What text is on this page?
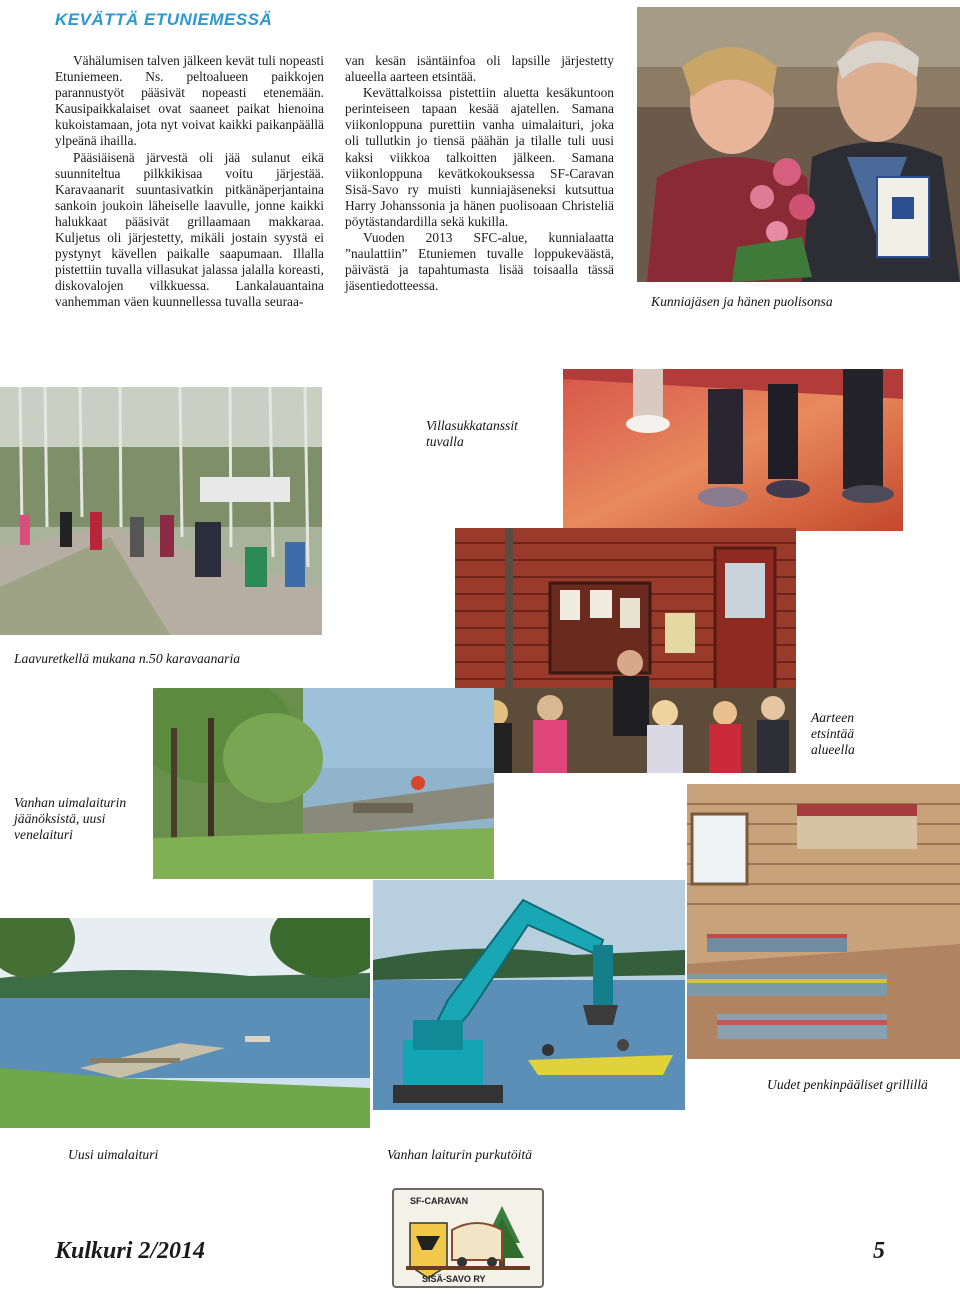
KEVÄTTÄ ETUNIEMESSÄ

Vähälumisen talven jälkeen kevät tuli nopeasti Etuniemeen. Ns. peltoalueen paikkojen parannustyöt pääsivät nopeasti etenemään. Kausipaikkalaiset ovat saaneet paikat hienoina kukoistamaan, jota nyt voivat kaikki paikanpäällä ylpeänä ihailla.

Pääsiäisenä järvestä oli jää sulanut eikä suunniteltua pilkkikisaa voitu järjestää. Karavaanarit suuntasivatkin pitkänäperjantaina sankoin joukoin läheiselle laavulle, jonne kaikki halukkaat pääsivät grillaamaan makkaraa. Kuljetus oli järjestetty, mikäli jostain syystä ei pystynyt kävellen paikalle saapumaan. Illalla pistettiin tuvalla villasukat jalassa jalalla koreasti, diskovalojen vilkkuessa. Lankalauantaina vanhemman väen kuunnellessa tuvalla seuraa-

van kesän isäntäinfoa oli lapsille järjestetty alueella aarteen etsintää.

Kevättalkoissa pistettiin aluetta kesäkuntoon perinteiseen tapaan kesää ajatellen. Samana viikonloppuna purettiin vanha uimalaituri, joka oli tullutkin jo tiensä päähän ja tilalle tuli uusi kaksi viikkoa talkoitten jälkeen. Samana viikonloppuna kevätkokouksessa SF-Caravan Sisä-Savo ry muisti kunniajäseneksi kutsuttua Harry Johanssonia ja hänen puolisoaan Christeliä pöytästandardilla sekä kukilla.

Vuoden 2013 SFC-alue, kunnialaatta ”naulattiin” Etuniemen tuvalle loppukeväästä, päivästä ja tapahtumasta lisää toisaalla tässä jäsentiedotteessa.

Kunniajäsen ja hänen puolisonsa
Laavuretkellä mukana n.50 karavaanaria
Villasukkatanssit tuvalla
Aarteen etsintää alueella
Vanhan uimalaiturin jäänöksistä, uusi venelaituri
Uusi uimalaituri	Vanhan laiturin purkutöitä
Uudet penkinpääliset grillillä
SF-CARAVAN
SISÄ-SAVO RY
Kulkuri 2/2014	5
